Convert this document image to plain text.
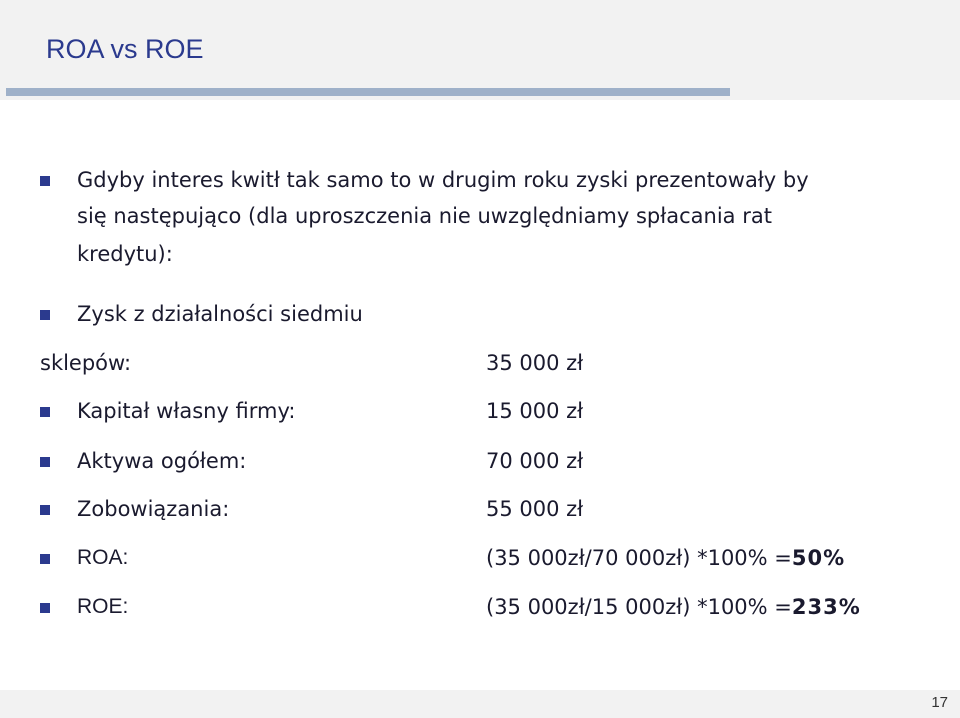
ROA vs ROE
Gdyby interes kwitł tak samo to w drugim roku zyski prezentowały by
się następująco (dla uproszczenia nie uwzględniamy spłacania rat
kredytu):
Zysk z działalności siedmiu
sklepów:	35 000 zł
Kapitał własny firmy:	15 000 zł
Aktywa ogółem:	70 000 zł
Zobowiązania:	55 000 zł
ROA:	(35 000zł/70 000zł) *100% =50%
ROE:	(35 000zł/15 000zł) *100% =233%
17
